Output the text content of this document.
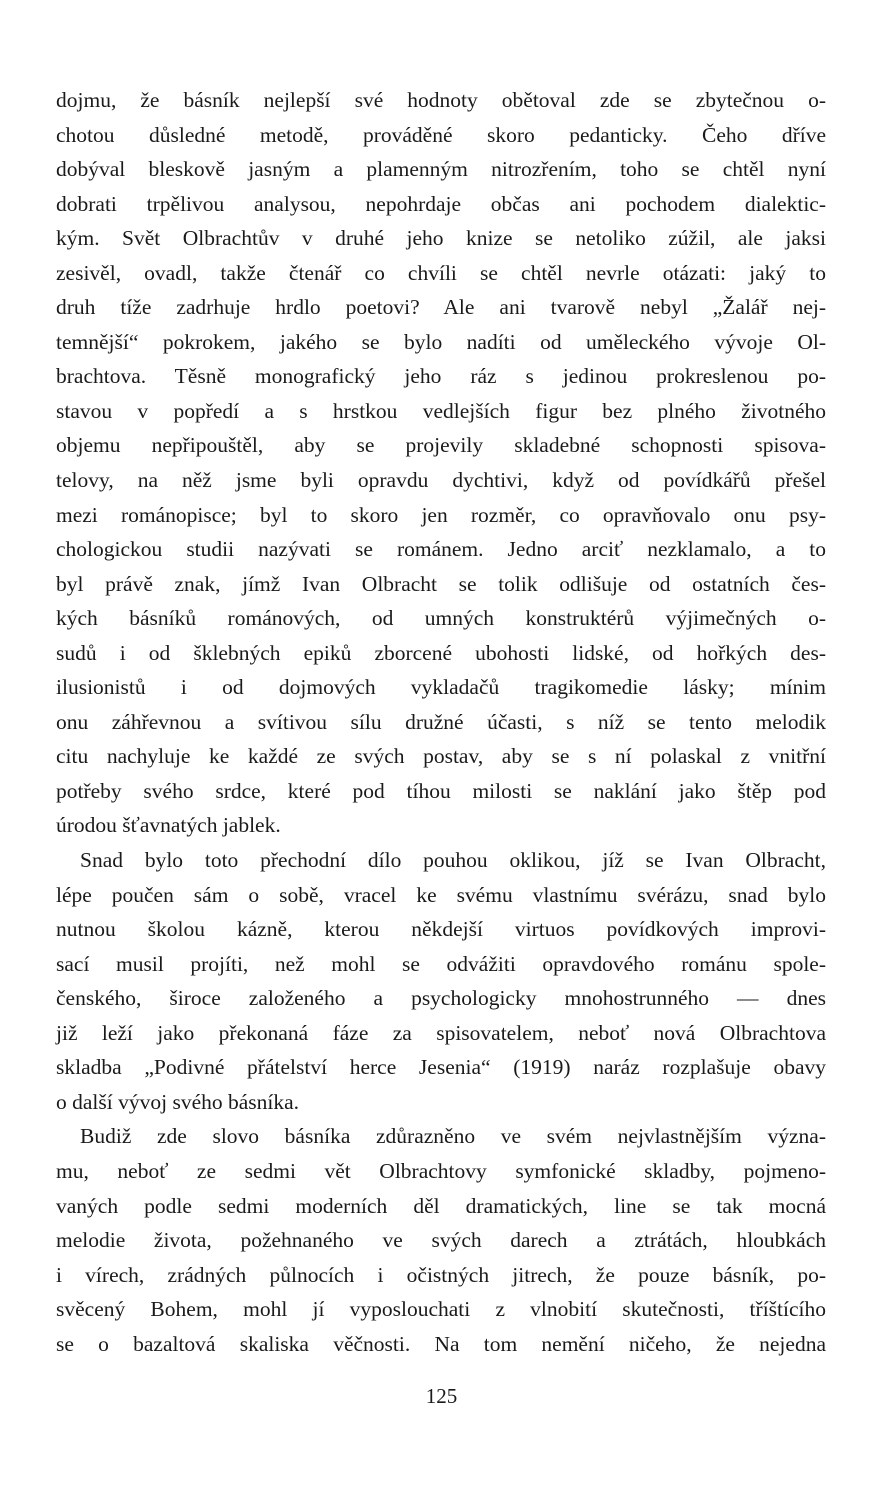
dojmu, že básník nejlepší své hodnoty obětoval zde se zbytečnou o-
chotou důsledné metodě, prováděné skoro pedanticky. Čeho dříve
dobýval bleskově jasným a plamenným nitrozřením, toho se chtěl nyní
dobrati trpělivou analysou, nepohrdaje občas ani pochodem dialektic-
kým. Svět Olbrachtův v druhé jeho knize se netoliko zúžil, ale jaksi
zesivěl, ovadl, takže čtenář co chvíli se chtěl nevrle otázati: jaký to
druh tíže zadrhuje hrdlo poetovi? Ale ani tvarově nebyl „Žalář nej-
temnější“ pokrokem, jakého se bylo nadíti od uměleckého vývoje Ol-
brachtova. Těsně monografický jeho ráz s jedinou prokreslenou po-
stavou v popředí a s hrstkou vedlejších figur bez plného životného
objemu nepřipouštěl, aby se projevily skladebné schopnosti spisova-
telovy, na něž jsme byli opravdu dychtivi, když od povídkářů přešel
mezi románopisce; byl to skoro jen rozměr, co opravňovalo onu psy-
chologickou studii nazývati se románem. Jedno arciť nezklamalo, a to
byl právě znak, jímž Ivan Olbracht se tolik odlišuje od ostatních čes-
kých básníků románových, od umných konstruktérů výjimečných o-
sudů i od šklebných epiků zborcené ubohosti lidské, od hořkých des-
ilusionistů i od dojmových vykladačů tragikomedie lásky; mínim
onu záhřevnou a svítivou sílu družné účasti, s níž se tento melodik
citu nachyluje ke každé ze svých postav, aby se s ní polaskal z vnitřní
potřeby svého srdce, které pod tíhou milosti se naklání jako štěp pod
úrodou šťavnatých jablek.
Snad bylo toto přechodní dílo pouhou oklikou, jíž se Ivan Olbracht,
lépe poučen sám o sobě, vracel ke svému vlastnímu svérázu, snad bylo
nutnou školou kázně, kterou někdejší virtuos povídkových improvi-
sací musil projíti, než mohl se odvážiti opravdového románu spole-
čenského, široce založeného a psychologicky mnohostrunného — dnes
již leží jako překonaná fáze za spisovatelem, neboť nová Olbrachtova
skladba „Podivné přátelství herce Jesenia“ (1919) naráz rozplašuje obavy
o další vývoj svého básníka.
Budiž zde slovo básníka zdůrazněno ve svém nejvlastnějším význa-
mu, neboť ze sedmi vět Olbrachtovy symfonické skladby, pojmeno-
vaných podle sedmi moderních děl dramatických, line se tak mocná
melodie života, požehnaného ve svých darech a ztrátách, hloubkách
i vírech, zrádných půlnocích i očistných jitrech, že pouze básník, po-
svěcený Bohem, mohl jí vyposlouchati z vlnobití skutečnosti, tříštícího
se o bazaltová skaliska věčnosti. Na tom nemění ničeho, že nejedna
125
